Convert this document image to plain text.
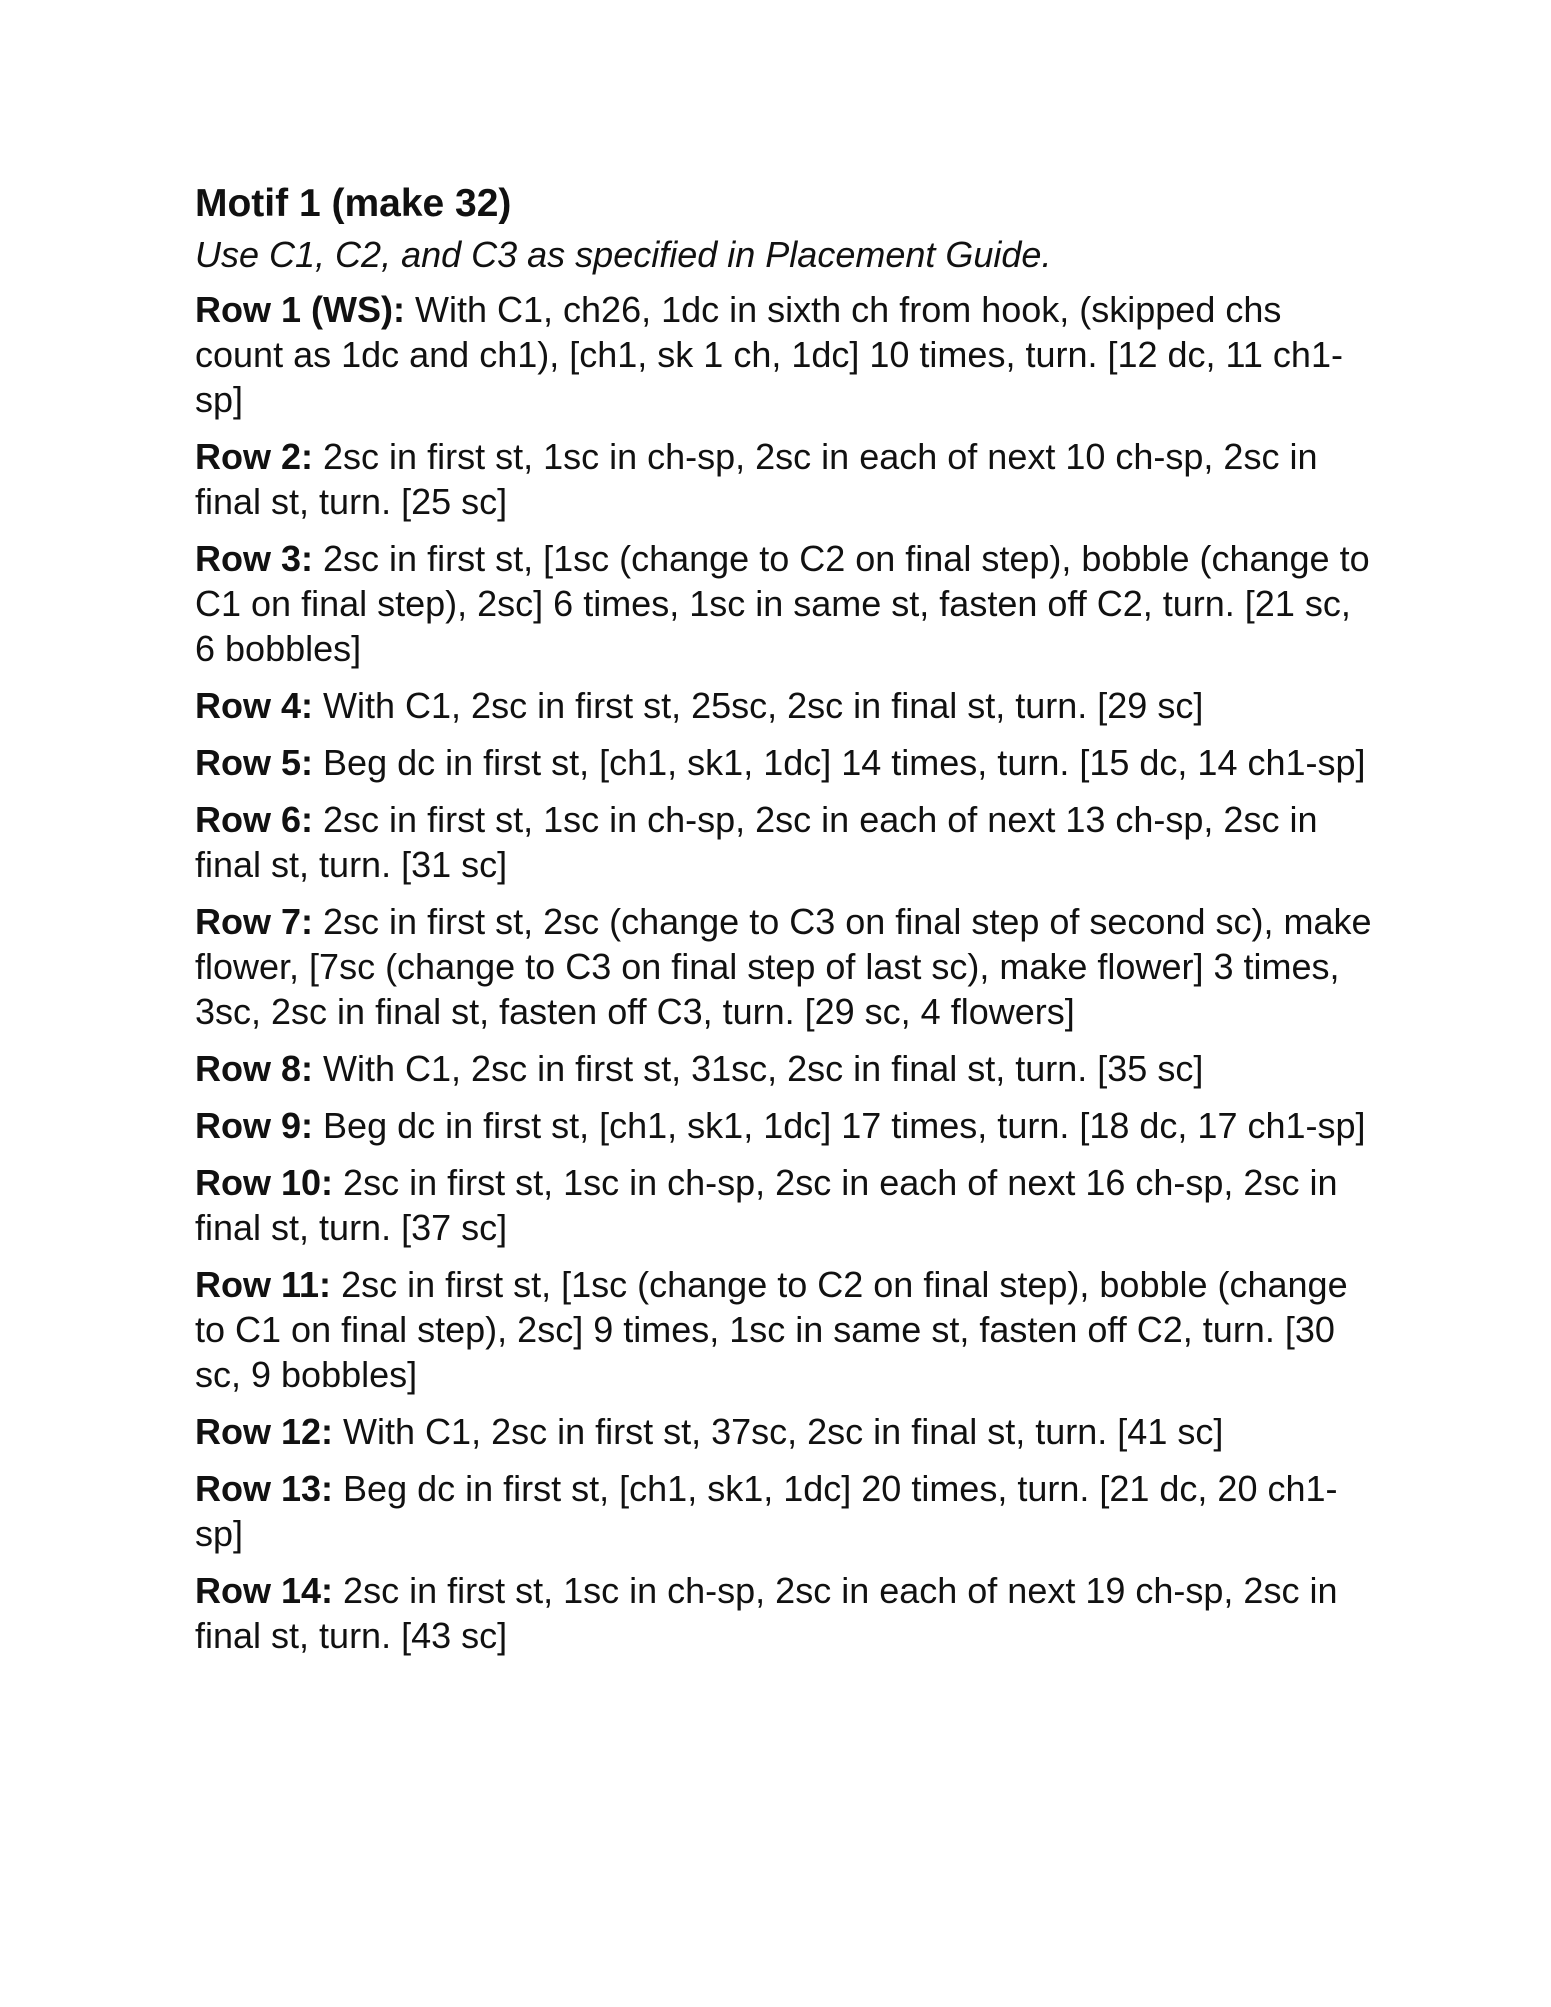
Motif 1 (make 32)
Use C1, C2, and C3 as specified in Placement Guide.
Row 1 (WS): With C1, ch26, 1dc in sixth ch from hook, (skipped chs count as 1dc and ch1), [ch1, sk 1 ch, 1dc] 10 times, turn. [12 dc, 11 ch1-sp]
Row 2: 2sc in first st, 1sc in ch-sp, 2sc in each of next 10 ch-sp, 2sc in final st, turn. [25 sc]
Row 3: 2sc in first st, [1sc (change to C2 on final step), bobble (change to C1 on final step), 2sc] 6 times, 1sc in same st, fasten off C2, turn. [21 sc, 6 bobbles]
Row 4: With C1, 2sc in first st, 25sc, 2sc in final st, turn. [29 sc]
Row 5: Beg dc in first st, [ch1, sk1, 1dc] 14 times, turn. [15 dc, 14 ch1-sp]
Row 6: 2sc in first st, 1sc in ch-sp, 2sc in each of next 13 ch-sp, 2sc in final st, turn. [31 sc]
Row 7: 2sc in first st, 2sc (change to C3 on final step of second sc), make flower, [7sc (change to C3 on final step of last sc), make flower] 3 times, 3sc, 2sc in final st, fasten off C3, turn. [29 sc, 4 flowers]
Row 8: With C1, 2sc in first st, 31sc, 2sc in final st, turn. [35 sc]
Row 9: Beg dc in first st, [ch1, sk1, 1dc] 17 times, turn. [18 dc, 17 ch1-sp]
Row 10: 2sc in first st, 1sc in ch-sp, 2sc in each of next 16 ch-sp, 2sc in final st, turn. [37 sc]
Row 11: 2sc in first st, [1sc (change to C2 on final step), bobble (change to C1 on final step), 2sc] 9 times, 1sc in same st, fasten off C2, turn. [30 sc, 9 bobbles]
Row 12: With C1, 2sc in first st, 37sc, 2sc in final st, turn. [41 sc]
Row 13: Beg dc in first st, [ch1, sk1, 1dc] 20 times, turn. [21 dc, 20 ch1-sp]
Row 14: 2sc in first st, 1sc in ch-sp, 2sc in each of next 19 ch-sp, 2sc in final st, turn. [43 sc]
